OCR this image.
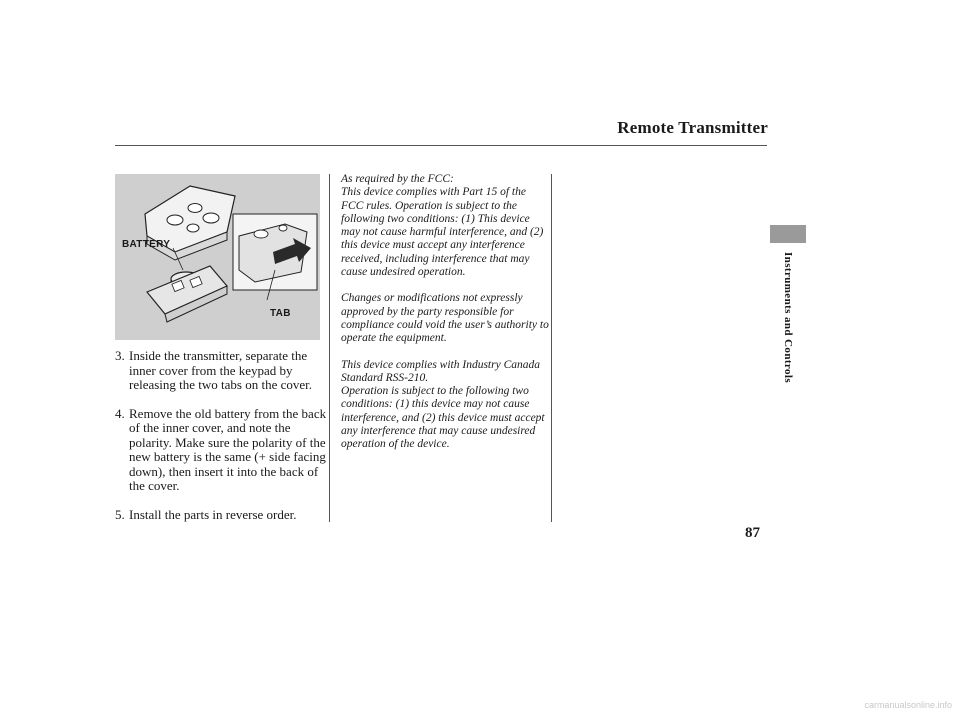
Remote Transmitter
Instruments and Controls
BATTERY
TAB
3. Inside the transmitter, separate the inner cover from the keypad by releasing the two tabs on the cover.
4. Remove the old battery from the back of the inner cover, and note the polarity. Make sure the polarity of the new battery is the same (+ side facing down), then insert it into the back of the cover.
5. Install the parts in reverse order.

As required by the FCC:
This device complies with Part 15 of the FCC rules. Operation is subject to the following two conditions: (1) This device may not cause harmful interference, and (2) this device must accept any interference received, including interference that may cause undesired operation.

Changes or modifications not expressly approved by the party responsible for compliance could void the user’s authority to operate the equipment.

This device complies with Industry Canada Standard RSS-210.
Operation is subject to the following two conditions: (1) this device may not cause interference, and (2) this device must accept any interference that may cause undesired operation of the device.

87
carmanualsonline.info
